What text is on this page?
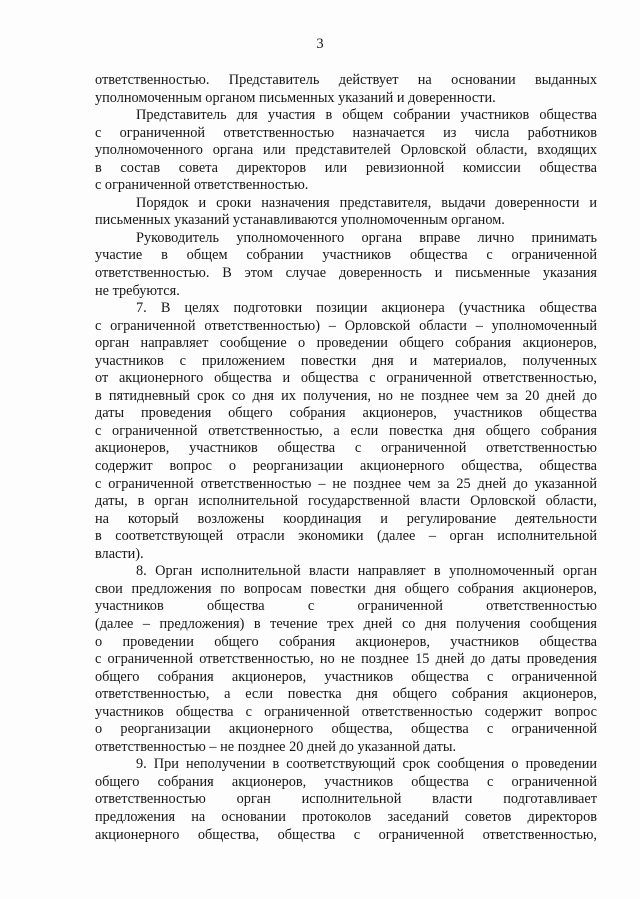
3
ответственностью. Представитель действует на основании выданных
уполномоченным органом письменных указаний и доверенности.
Представитель для участия в общем собрании участников общества
с ограниченной ответственностью назначается из числа работников
уполномоченного органа или представителей Орловской области, входящих
в состав совета директоров или ревизионной комиссии общества
с ограниченной ответственностью.
Порядок и сроки назначения представителя, выдачи доверенности и
письменных указаний устанавливаются уполномоченным органом.
Руководитель уполномоченного органа вправе лично принимать
участие в общем собрании участников общества с ограниченной
ответственностью. В этом случае доверенность и письменные указания
не требуются.
7. В целях подготовки позиции акционера (участника общества
с ограниченной ответственностью) – Орловской области – уполномоченный
орган направляет сообщение о проведении общего собрания акционеров,
участников с приложением повестки дня и материалов, полученных
от акционерного общества и общества с ограниченной ответственностью,
в пятидневный срок со дня их получения, но не позднее чем за 20 дней до
даты проведения общего собрания акционеров, участников общества
с ограниченной ответственностью, а если повестка дня общего собрания
акционеров, участников общества с ограниченной ответственностью
содержит вопрос о реорганизации акционерного общества, общества
с ограниченной ответственностью – не позднее чем за 25 дней до указанной
даты, в орган исполнительной государственной власти Орловской области,
на который возложены координация и регулирование деятельности
в соответствующей отрасли экономики (далее – орган исполнительной
власти).
8. Орган исполнительной власти направляет в уполномоченный орган
свои предложения по вопросам повестки дня общего собрания акционеров,
участников общества с ограниченной ответственностью
(далее – предложения) в течение трех дней со дня получения сообщения
о проведении общего собрания акционеров, участников общества
с ограниченной ответственностью, но не позднее 15 дней до даты проведения
общего собрания акционеров, участников общества с ограниченной
ответственностью, а если повестка дня общего собрания акционеров,
участников общества с ограниченной ответственностью содержит вопрос
о реорганизации акционерного общества, общества с ограниченной
ответственностью – не позднее 20 дней до указанной даты.
9. При неполучении в соответствующий срок сообщения о проведении
общего собрания акционеров, участников общества с ограниченной
ответственностью орган исполнительной власти подготавливает
предложения на основании протоколов заседаний советов директоров
акционерного общества, общества с ограниченной ответственностью,
